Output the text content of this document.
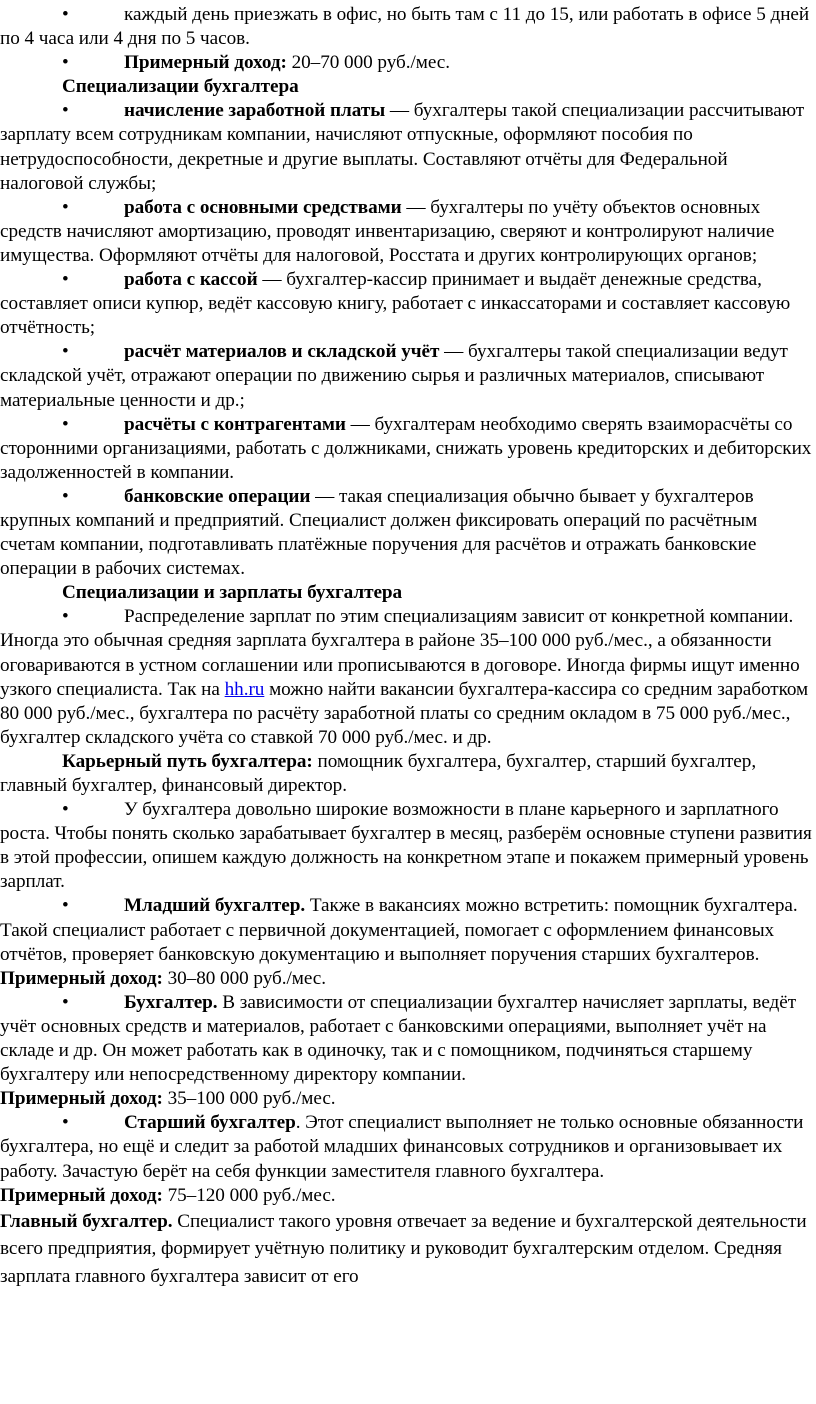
•	каждый день приезжать в офис, но быть там с 11 до 15, или работать в офисе 5 дней по 4 часа или 4 дня по 5 часов.

•	Примерный доход: 20–70 000 руб./мес.

Специализации бухгалтера

•	начисление заработной платы — бухгалтеры такой специализации рассчитывают зарплату всем сотрудникам компании, начисляют отпускные, оформляют пособия по нетрудоспособности, декретные и другие выплаты. Составляют отчёты для Федеральной налоговой службы;

•	работа с основными средствами — бухгалтеры по учёту объектов основных средств начисляют амортизацию, проводят инвентаризацию, сверяют и контролируют наличие имущества. Оформляют отчёты для налоговой, Росстата и других контролирующих органов;

•	работа с кассой — бухгалтер-кассир принимает и выдаёт денежные средства, составляет описи купюр, ведёт кассовую книгу, работает с инкассаторами и составляет кассовую отчётность;

•	расчёт материалов и складской учёт — бухгалтеры такой специализации ведут складской учёт, отражают операции по движению сырья и различных материалов, списывают материальные ценности и др.;

•	расчёты с контрагентами — бухгалтерам необходимо сверять взаиморасчёты со сторонними организациями, работать с должниками, снижать уровень кредиторских и дебиторских задолженностей в компании.

•	банковские операции — такая специализация обычно бывает у бухгалтеров крупных компаний и предприятий. Специалист должен фиксировать операций по расчётным счетам компании, подготавливать платёжные поручения для расчётов и отражать банковские операции в рабочих системах.

Специализации и зарплаты бухгалтера

•	Распределение зарплат по этим специализациям зависит от конкретной компании. Иногда это обычная средняя зарплата бухгалтера в районе 35–100 000 руб./мес., а обязанности оговариваются в устном соглашении или прописываются в договоре. Иногда фирмы ищут именно узкого специалиста. Так на hh.ru можно найти вакансии бухгалтера-кассира со средним заработком 80 000 руб./мес., бухгалтера по расчёту заработной платы со средним окладом в 75 000 руб./мес., бухгалтер складского учёта со ставкой 70 000 руб./мес. и др.

Карьерный путь бухгалтера: помощник бухгалтера, бухгалтер, старший бухгалтер, главный бухгалтер, финансовый директор.

•	У бухгалтера довольно широкие возможности в плане карьерного и зарплатного роста. Чтобы понять сколько зарабатывает бухгалтер в месяц, разберём основные ступени развития в этой профессии, опишем каждую должность на конкретном этапе и покажем примерный уровень зарплат.

•	Младший бухгалтер. Также в вакансиях можно встретить: помощник бухгалтера. Такой специалист работает с первичной документацией, помогает с оформлением финансовых отчётов, проверяет банковскую документацию и выполняет поручения старших бухгалтеров.

Примерный доход: 30–80 000 руб./мес.

•	Бухгалтер. В зависимости от специализации бухгалтер начисляет зарплаты, ведёт учёт основных средств и материалов, работает с банковскими операциями, выполняет учёт на складе и др. Он может работать как в одиночку, так и с помощником, подчиняться старшему бухгалтеру или непосредственному директору компании.

Примерный доход: 35–100 000 руб./мес.

•	Старший бухгалтер. Этот специалист выполняет не только основные обязанности бухгалтера, но ещё и следит за работой младших финансовых сотрудников и организовывает их работу. Зачастую берёт на себя функции заместителя главного бухгалтера.

Примерный доход: 75–120 000 руб./мес.

Главный бухгалтер. Специалист такого уровня отвечает за ведение и бухгалтерской деятельности всего предприятия, формирует учётную политику и руководит бухгалтерским отделом. Средняя зарплата главного бухгалтера зависит от его
